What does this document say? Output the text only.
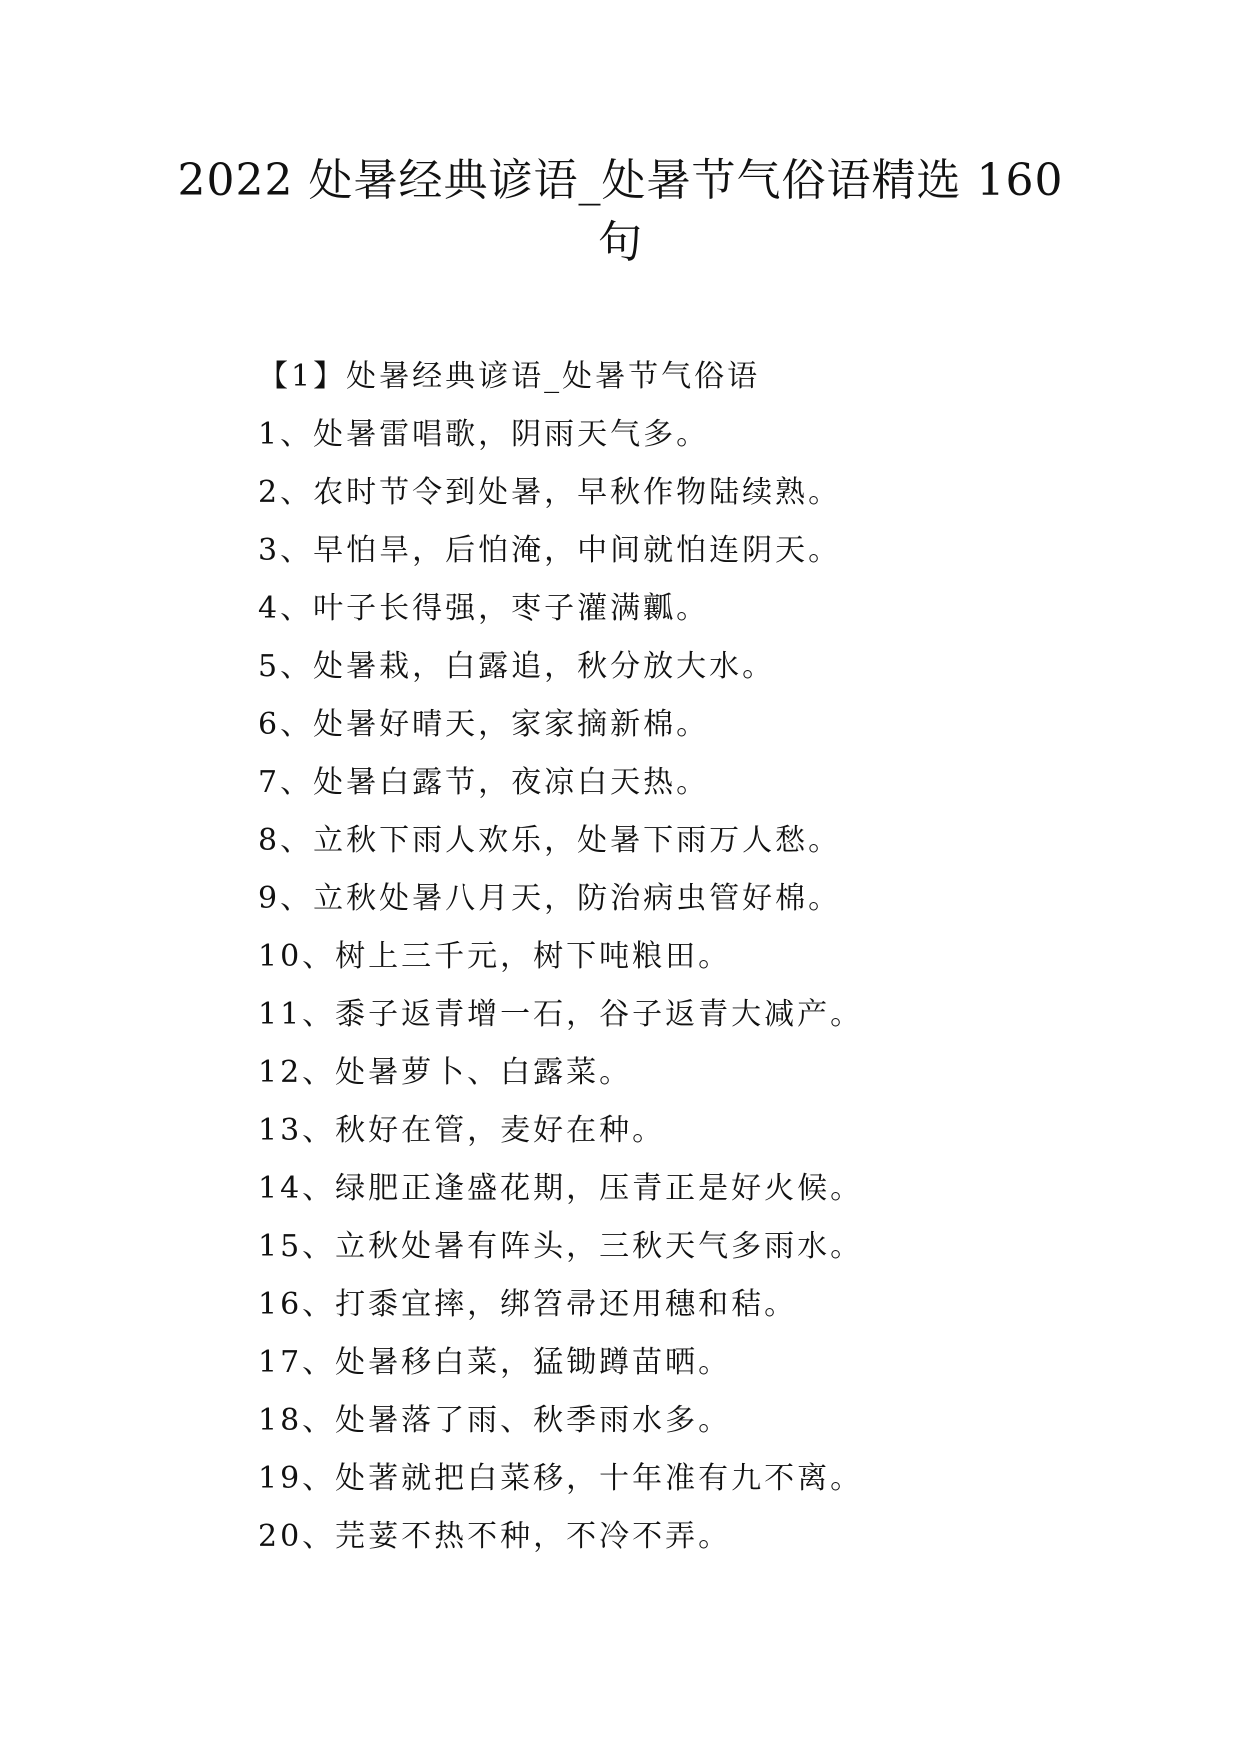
2022 处暑经典谚语_处暑节气俗语精选 160
句

【1】处暑经典谚语_处暑节气俗语

1、处暑雷唱歌，阴雨天气多。
2、农时节令到处暑，早秋作物陆续熟。
3、早怕旱，后怕淹，中间就怕连阴天。
4、叶子长得强，枣子灌满瓤。
5、处暑栽，白露追，秋分放大水。
6、处暑好晴天，家家摘新棉。
7、处暑白露节，夜凉白天热。
8、立秋下雨人欢乐，处暑下雨万人愁。
9、立秋处暑八月天，防治病虫管好棉。
10、树上三千元，树下吨粮田。
11、黍子返青增一石，谷子返青大减产。
12、处暑萝卜、白露菜。
13、秋好在管，麦好在种。
14、绿肥正逢盛花期，压青正是好火候。
15、立秋处暑有阵头，三秋天气多雨水。
16、打黍宜摔，绑笤帚还用穗和秸。
17、处暑移白菜，猛锄蹲苗晒。
18、处暑落了雨、秋季雨水多。
19、处著就把白菜移，十年准有九不离。
20、芫荽不热不种，不冷不弄。
